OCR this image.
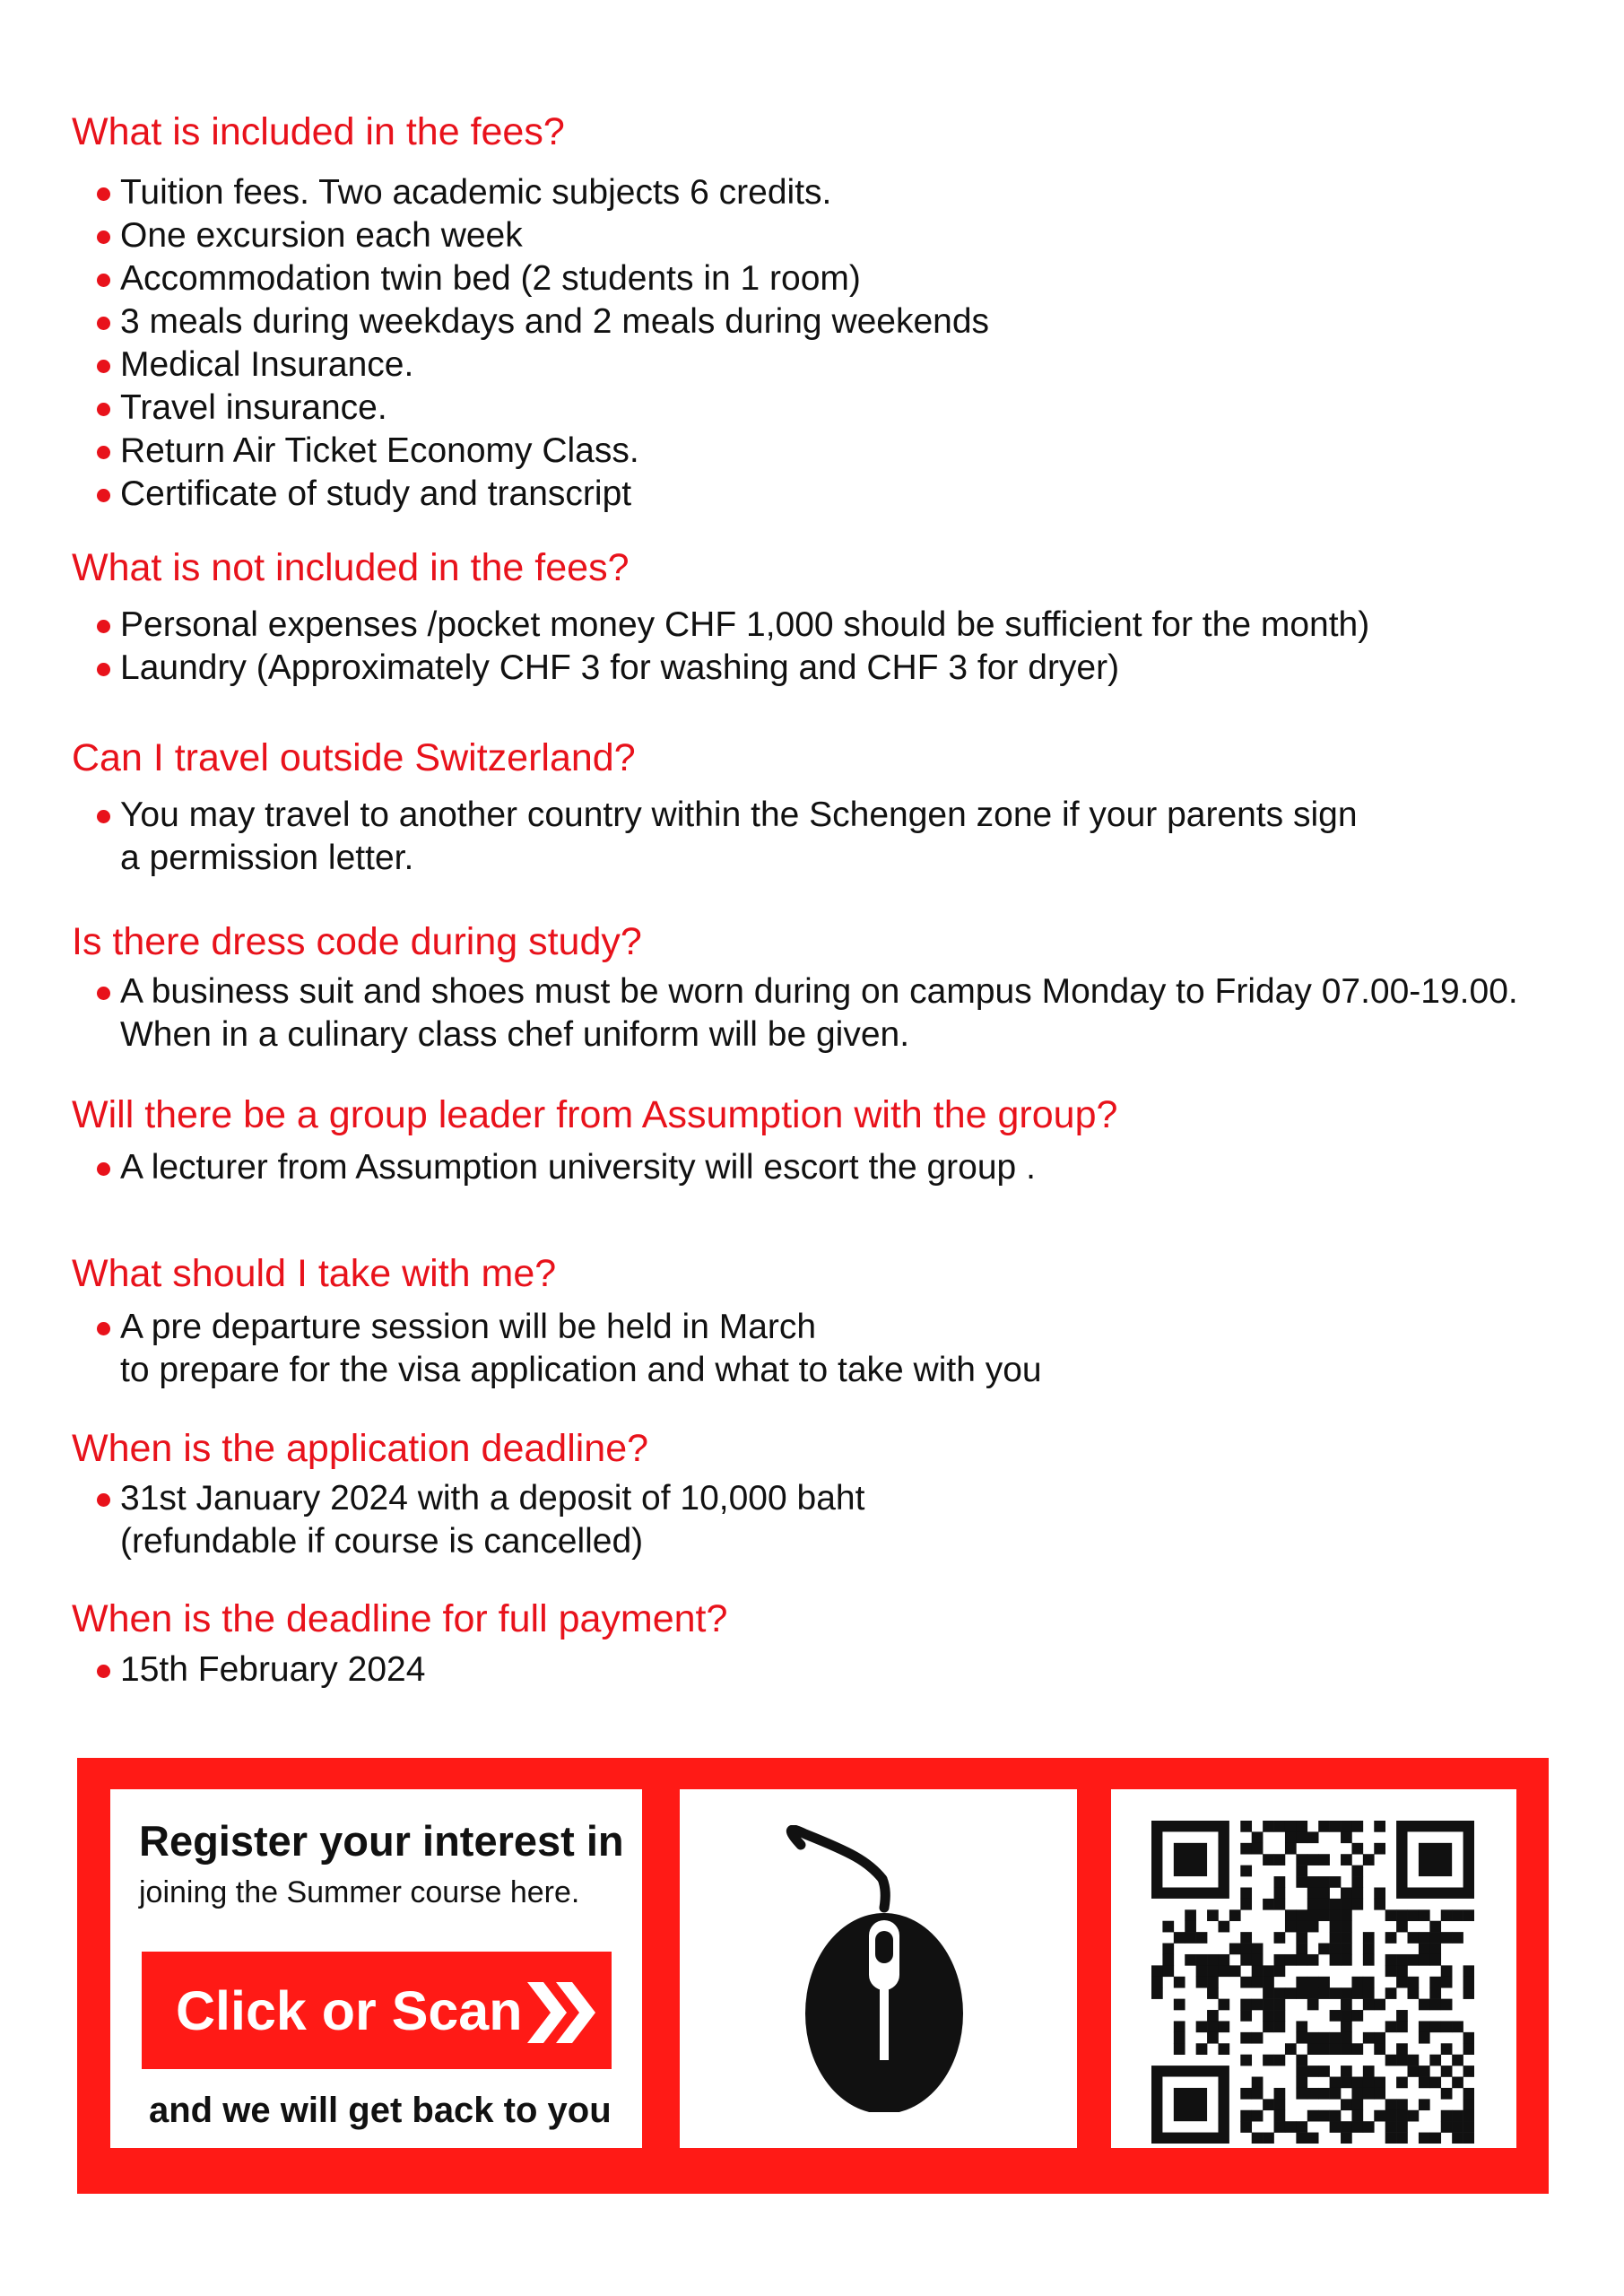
What is included in the fees?
Tuition fees. Two academic subjects 6 credits.
One excursion each week
Accommodation twin bed (2 students in 1 room)
3 meals during weekdays and 2 meals during weekends
Medical Insurance.
Travel insurance.
Return Air Ticket Economy Class.
Certificate of study and transcript
What is not included in the fees?
Personal expenses /pocket money CHF 1,000 should be sufficient for the month)
Laundry (Approximately CHF 3 for washing and CHF 3 for dryer)
Can I travel outside Switzerland?
You may travel to another country within the Schengen zone if your parents sign
a permission letter.
Is there dress code during study?
A business suit and shoes must be worn during on campus Monday to Friday 07.00-19.00.
When in a culinary class chef uniform will be given.
Will there be a group leader from Assumption with the group?
A lecturer from Assumption university will escort the group .
What should I take with me?
A pre departure session will be held in March
to prepare for the visa application and what to take with you
When is the application deadline?
31st January 2024 with a deposit of 10,000 baht
(refundable if course is cancelled)
When is the deadline for full payment?
15th February 2024
Register your interest in
joining the Summer course here.
Click or Scan
and we will get back to you
